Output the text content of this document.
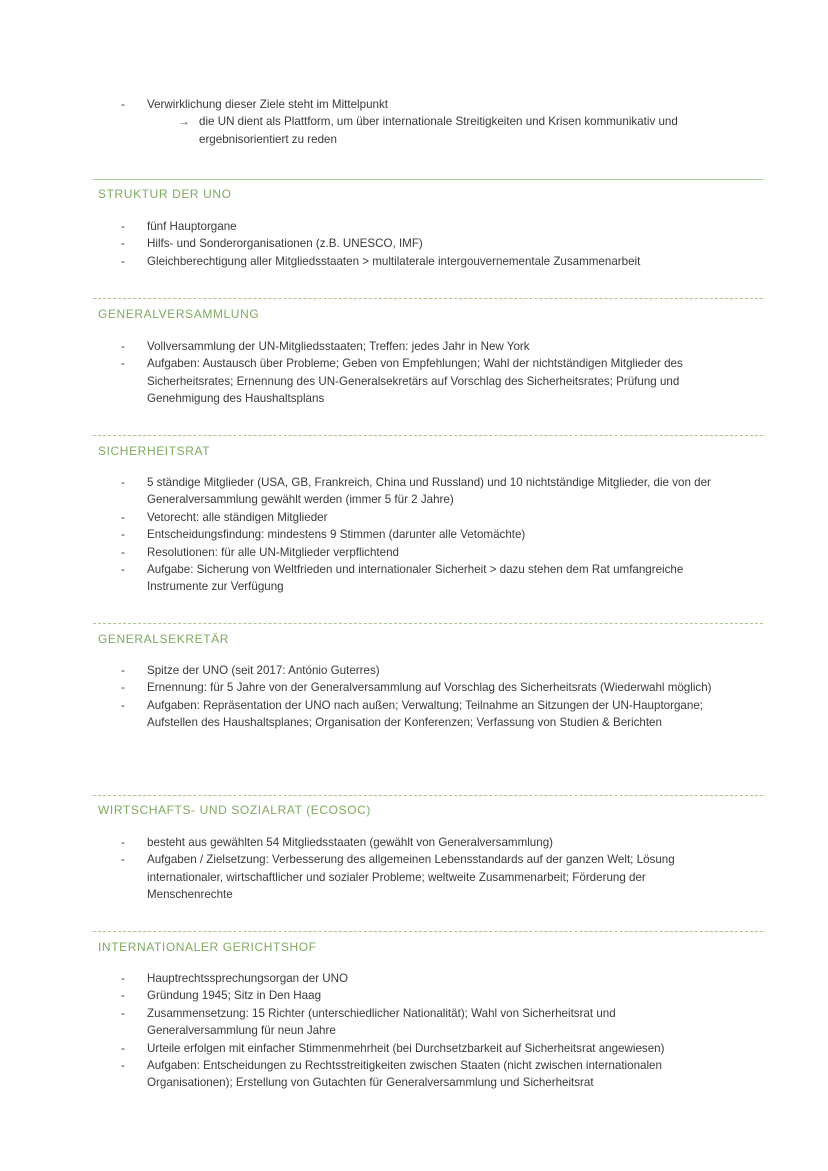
- Verwirklichung dieser Ziele steht im Mittelpunkt
→ die UN dient als Plattform, um über internationale Streitigkeiten und Krisen kommunikativ und ergebnisorientiert zu reden
STRUKTUR DER UNO
- fünf Hauptorgane
- Hilfs- und Sonderorganisationen (z.B. UNESCO, IMF)
- Gleichberechtigung aller Mitgliedsstaaten > multilaterale intergouvernementale Zusammenarbeit
GENERALVERSAMMLUNG
- Vollversammlung der UN-Mitgliedsstaaten; Treffen: jedes Jahr in New York
- Aufgaben: Austausch über Probleme; Geben von Empfehlungen; Wahl der nichtständigen Mitglieder des Sicherheitsrates; Ernennung des UN-Generalsekretärs auf Vorschlag des Sicherheitsrates; Prüfung und Genehmigung des Haushaltsplans
SICHERHEITSRAT
- 5 ständige Mitglieder (USA, GB, Frankreich, China und Russland) und 10 nichtständige Mitglieder, die von der Generalversammlung gewählt werden (immer 5 für 2 Jahre)
- Vetorecht: alle ständigen Mitglieder
- Entscheidungsfindung: mindestens 9 Stimmen (darunter alle Vetomächte)
- Resolutionen: für alle UN-Mitglieder verpflichtend
- Aufgabe: Sicherung von Weltfrieden und internationaler Sicherheit > dazu stehen dem Rat umfangreiche Instrumente zur Verfügung
GENERALSEKRETÄR
- Spitze der UNO (seit 2017: António Guterres)
- Ernennung: für 5 Jahre von der Generalversammlung auf Vorschlag des Sicherheitsrats (Wiederwahl möglich)
- Aufgaben: Repräsentation der UNO nach außen; Verwaltung; Teilnahme an Sitzungen der UN-Hauptorgane; Aufstellen des Haushaltsplanes; Organisation der Konferenzen; Verfassung von Studien & Berichten
WIRTSCHAFTS- UND SOZIALRAT (ECOSOC)
- besteht aus gewählten 54 Mitgliedsstaaten (gewählt von Generalversammlung)
- Aufgaben / Zielsetzung: Verbesserung des allgemeinen Lebensstandards auf der ganzen Welt; Lösung internationaler, wirtschaftlicher und sozialer Probleme; weltweite Zusammenarbeit; Förderung der Menschenrechte
INTERNATIONALER GERICHTSHOF
- Hauptrechtssprechungsorgan der UNO
- Gründung 1945; Sitz in Den Haag
- Zusammensetzung: 15 Richter (unterschiedlicher Nationalität); Wahl von Sicherheitsrat und Generalversammlung für neun Jahre
- Urteile erfolgen mit einfacher Stimmenmehrheit (bei Durchsetzbarkeit auf Sicherheitsrat angewiesen)
- Aufgaben: Entscheidungen zu Rechtsstreitigkeiten zwischen Staaten (nicht zwischen internationalen Organisationen); Erstellung von Gutachten für Generalversammlung und Sicherheitsrat
